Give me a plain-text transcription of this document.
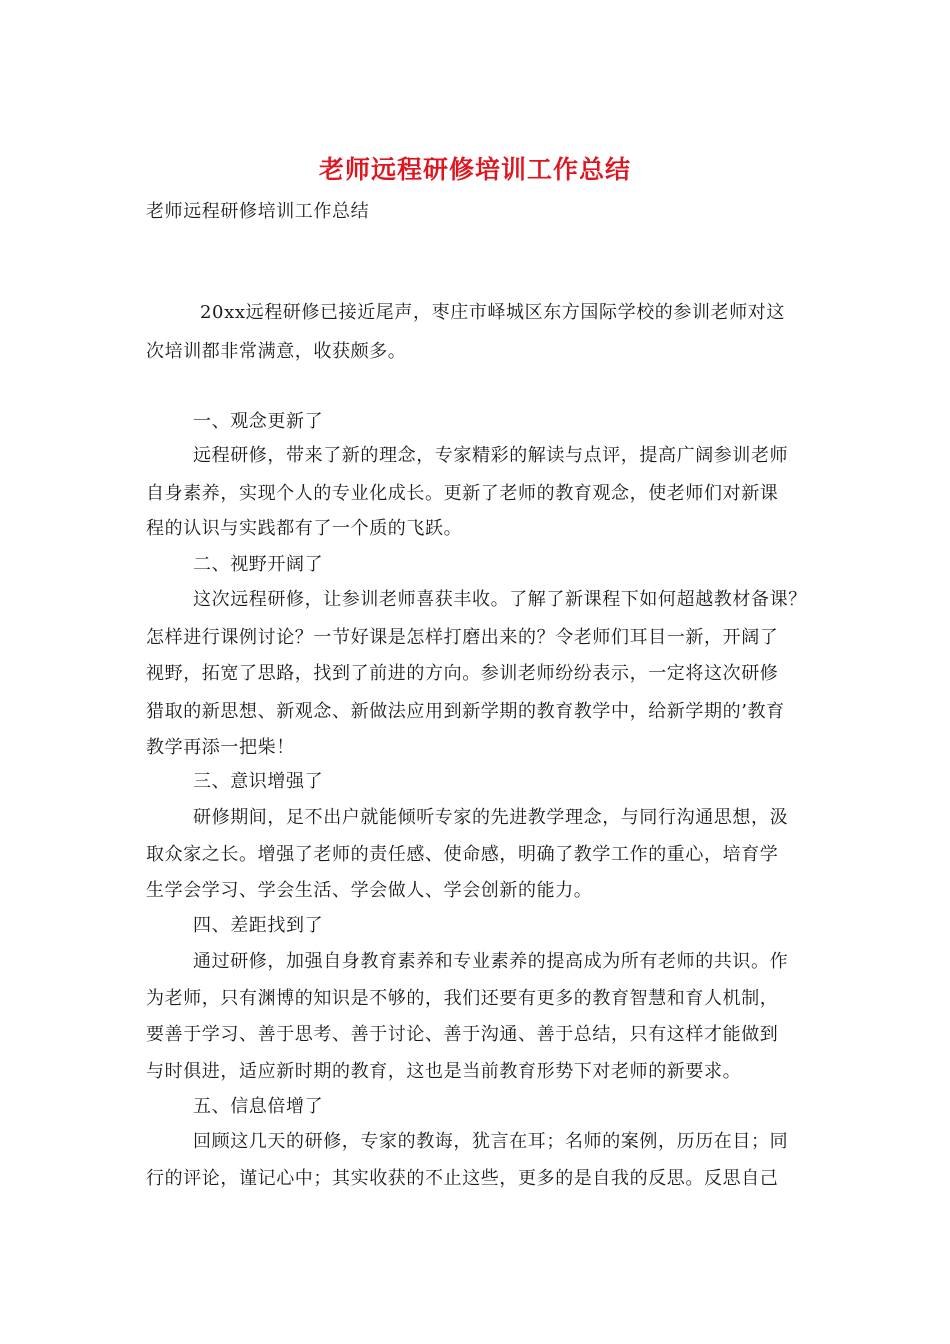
老师远程研修培训工作总结
老师远程研修培训工作总结
20xx远程研修已接近尾声，枣庄市峄城区东方国际学校的参训老师对这
次培训都非常满意，收获颇多。
一、观念更新了
远程研修，带来了新的理念，专家精彩的解读与点评，提高广阔参训老师
自身素养，实现个人的专业化成长。更新了老师的教育观念，使老师们对新课
程的认识与实践都有了一个质的飞跃。
二、视野开阔了
这次远程研修，让参训老师喜获丰收。了解了新课程下如何超越教材备课？
怎样进行课例讨论？一节好课是怎样打磨出来的？令老师们耳目一新，开阔了
视野，拓宽了思路，找到了前进的方向。参训老师纷纷表示，一定将这次研修
猎取的新思想、新观念、新做法应用到新学期的教育教学中，给新学期的’教育
教学再添一把柴！
三、意识增强了
研修期间，足不出户就能倾听专家的先进教学理念，与同行沟通思想，汲
取众家之长。增强了老师的责任感、使命感，明确了教学工作的重心，培育学
生学会学习、学会生活、学会做人、学会创新的能力。
四、差距找到了
通过研修，加强自身教育素养和专业素养的提高成为所有老师的共识。作
为老师，只有渊博的知识是不够的，我们还要有更多的教育智慧和育人机制，
要善于学习、善于思考、善于讨论、善于沟通、善于总结，只有这样才能做到
与时俱进，适应新时期的教育，这也是当前教育形势下对老师的新要求。
五、信息倍增了
回顾这几天的研修，专家的教诲，犹言在耳；名师的案例，历历在目；同
行的评论，谨记心中；其实收获的不止这些，更多的是自我的反思。反思自己
